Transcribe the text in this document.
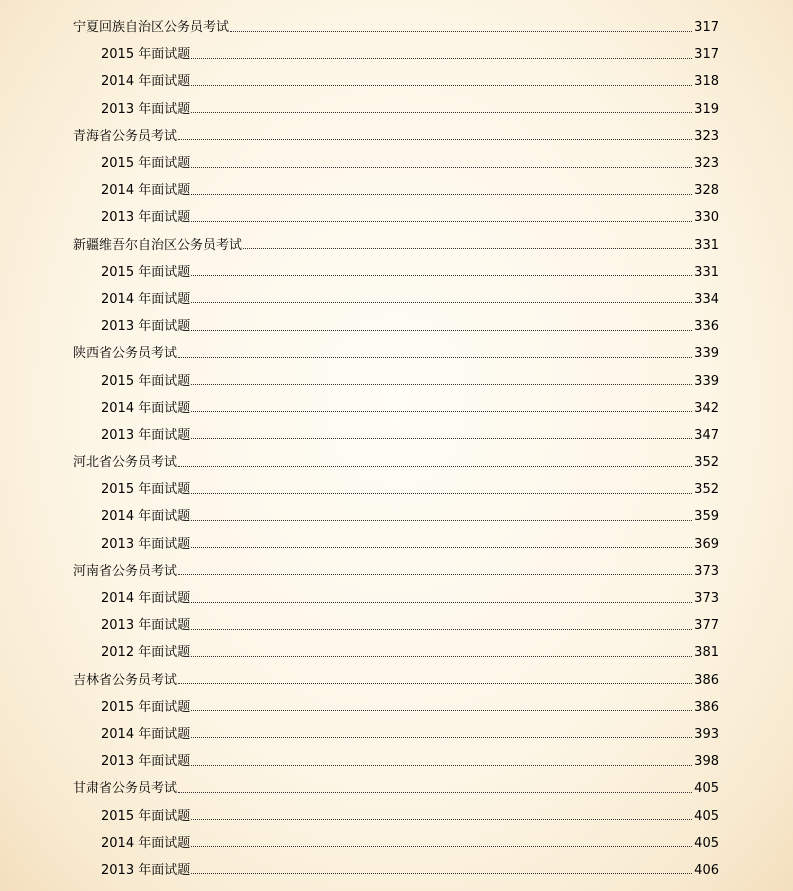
宁夏回族自治区公务员考试	317
2015 年面试题	317
2014 年面试题	318
2013 年面试题	319
青海省公务员考试	323
2015 年面试题	323
2014 年面试题	328
2013 年面试题	330
新疆维吾尔自治区公务员考试	331
2015 年面试题	331
2014 年面试题	334
2013 年面试题	336
陕西省公务员考试	339
2015 年面试题	339
2014 年面试题	342
2013 年面试题	347
河北省公务员考试	352
2015 年面试题	352
2014 年面试题	359
2013 年面试题	369
河南省公务员考试	373
2014 年面试题	373
2013 年面试题	377
2012 年面试题	381
吉林省公务员考试	386
2015 年面试题	386
2014 年面试题	393
2013 年面试题	398
甘肃省公务员考试	405
2015 年面试题	405
2014 年面试题	405
2013 年面试题	406
